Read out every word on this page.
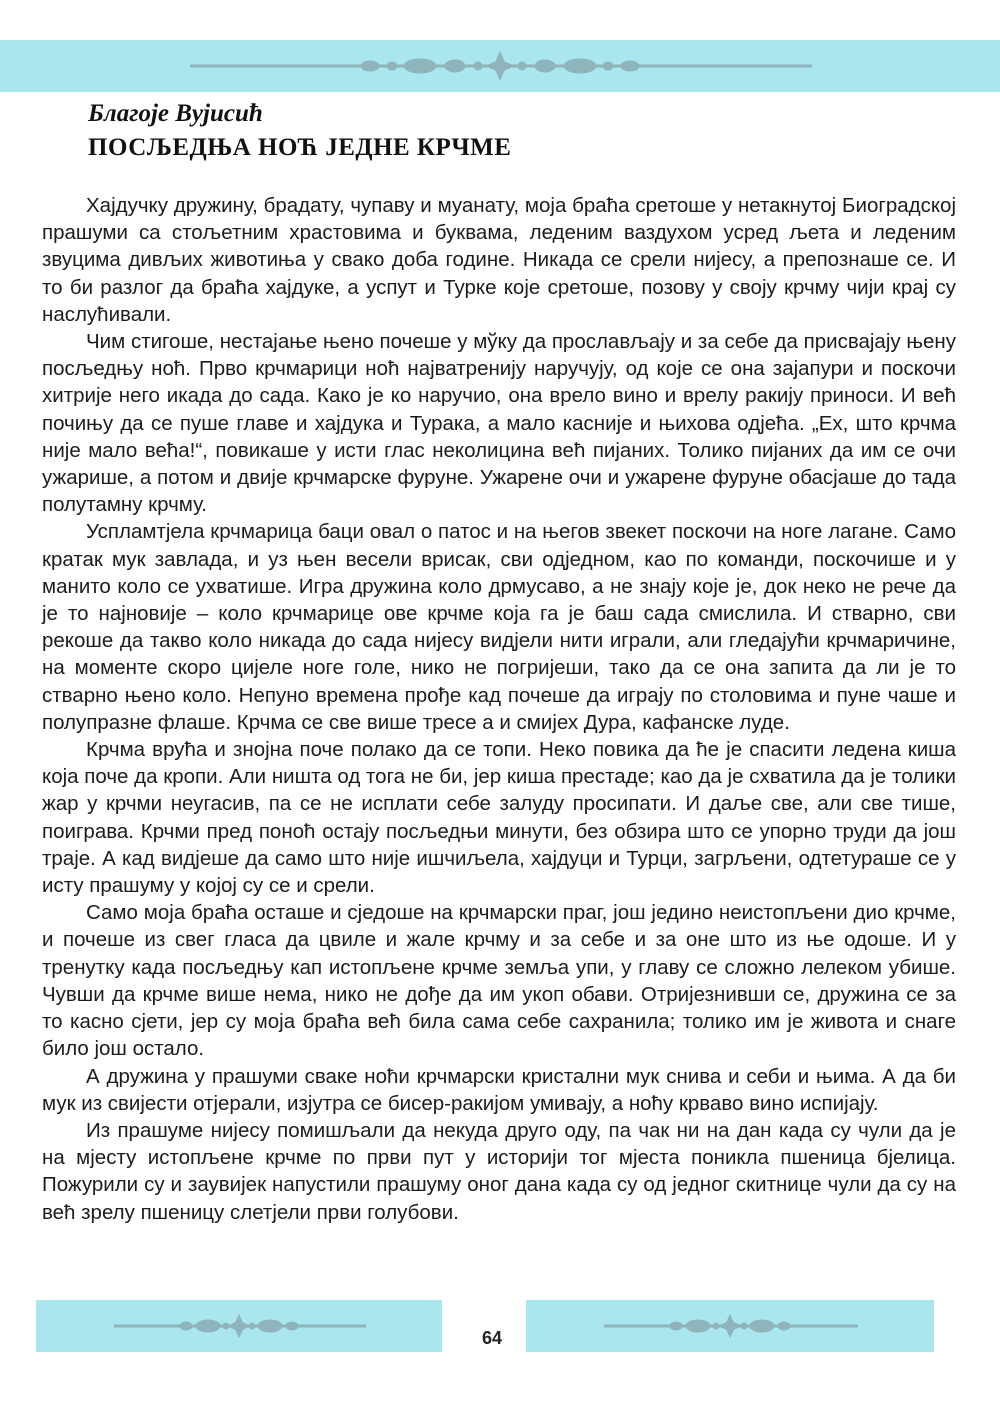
Благоје Вујисић
ПОСЉЕДЊА НОЋ ЈЕДНЕ КРЧМЕ

Хајдучку дружину, брадату, чупаву и муанату, моја браћа сретоше у нетакнутој Биоградској прашуми са стољетним храстовима и буквама, леденим ваздухом усред љета и леденим звуцима дивљих животиња у свако доба године. Никада се срели нијесу, а препознаше се. И то би разлог да браћа хајдуке, а успут и Турке које сретоше, позову у своју крчму чији крај су наслућивали.

Чим стигоше, нестајање њено почеше у мўку да прослављају и за себе да присвајају њену посљедњу ноћ. Прво крчмарици ноћ најватренију наручују, од које се она зајапури и поскочи хитрије него икада до сада. Како је ко наручио, она врело вино и врелу ракију приноси. И већ почињу да се пуше главе и хајдука и Турака, а мало касније и њихова одјећа. „Ех, што крчма није мало већа!“, повикаше у исти глас неколицина већ пијаних. Толико пијаних да им се очи ужарише, а потом и двије крчмарске фуруне. Ужарене очи и ужарене фуруне обасјаше до тада полутамну крчму.

Успламтјела крчмарица баци овал о патос и на његов звекет поскочи на ноге лагане. Само кратак мук завлада, и уз њен весели врисак, сви одједном, као по команди, поскочише и у манито коло се ухватише. Игра дружина коло дрмусаво, а не знају које је, док неко не рече да је то најновије – коло крчмарице ове крчме која га је баш сада смислила. И стварно, сви рекоше да такво коло никада до сада нијесу видјели нити играли, али гледајући крчмаричине, на моменте скоро цијеле ноге голе, нико не погријеши, тако да се она запита да ли је то стварно њено коло. Непуно времена прође кад почеше да играју по столовима и пуне чаше и полупразне флаше. Крчма се све више тресе а и смијех Дура, кафанске луде.

Крчма врућа и знојна поче полако да се топи. Неко повика да ће је спасити ледена киша која поче да кропи. Али ништа од тога не би, јер киша престаде; као да је схватила да је толики жар у крчми неугасив, па се не исплати себе залуду просипати. И даље све, али све тише, поиграва. Крчми пред поноћ остају посљедњи минути, без обзира што се упорно труди да још траје. А кад видјеше да само што није ишчиљела, хајдуци и Турци, загрљени, одтетураше се у исту прашуму у којој су се и срели.

Само моја браћа осташе и сједоше на крчмарски праг, још једино неистопљени дио крчме, и почеше из свег гласа да цвиле и жале крчму и за себе и за оне што из ње одоше. И у тренутку када посљедњу кап истопљене крчме земља упи, у главу се сложно лелеком убише. Чувши да крчме више нема, нико не дође да им укоп обави. Отријезнивши се, дружина се за то касно сјети, јер су моја браћа већ била сама себе сахранила; толико им је живота и снаге било још остало.

А дружина у прашуми сваке ноћи крчмарски кристални мук снива и себи и њима. А да би мук из свијести отјерали, изјутра се бисер-ракијом умивају, а ноћу крваво вино испијају.

Из прашуме нијесу помишљали да некуда друго оду, па чак ни на дан када су чули да је на мјесту истопљене крчме по први пут у историји тог мјеста поникла пшеница бјелица. Пожурили су и заувијек напустили прашуму оног дана када су од једног скитнице чули да су на већ зрелу пшеницу слетјели први голубови.

64
